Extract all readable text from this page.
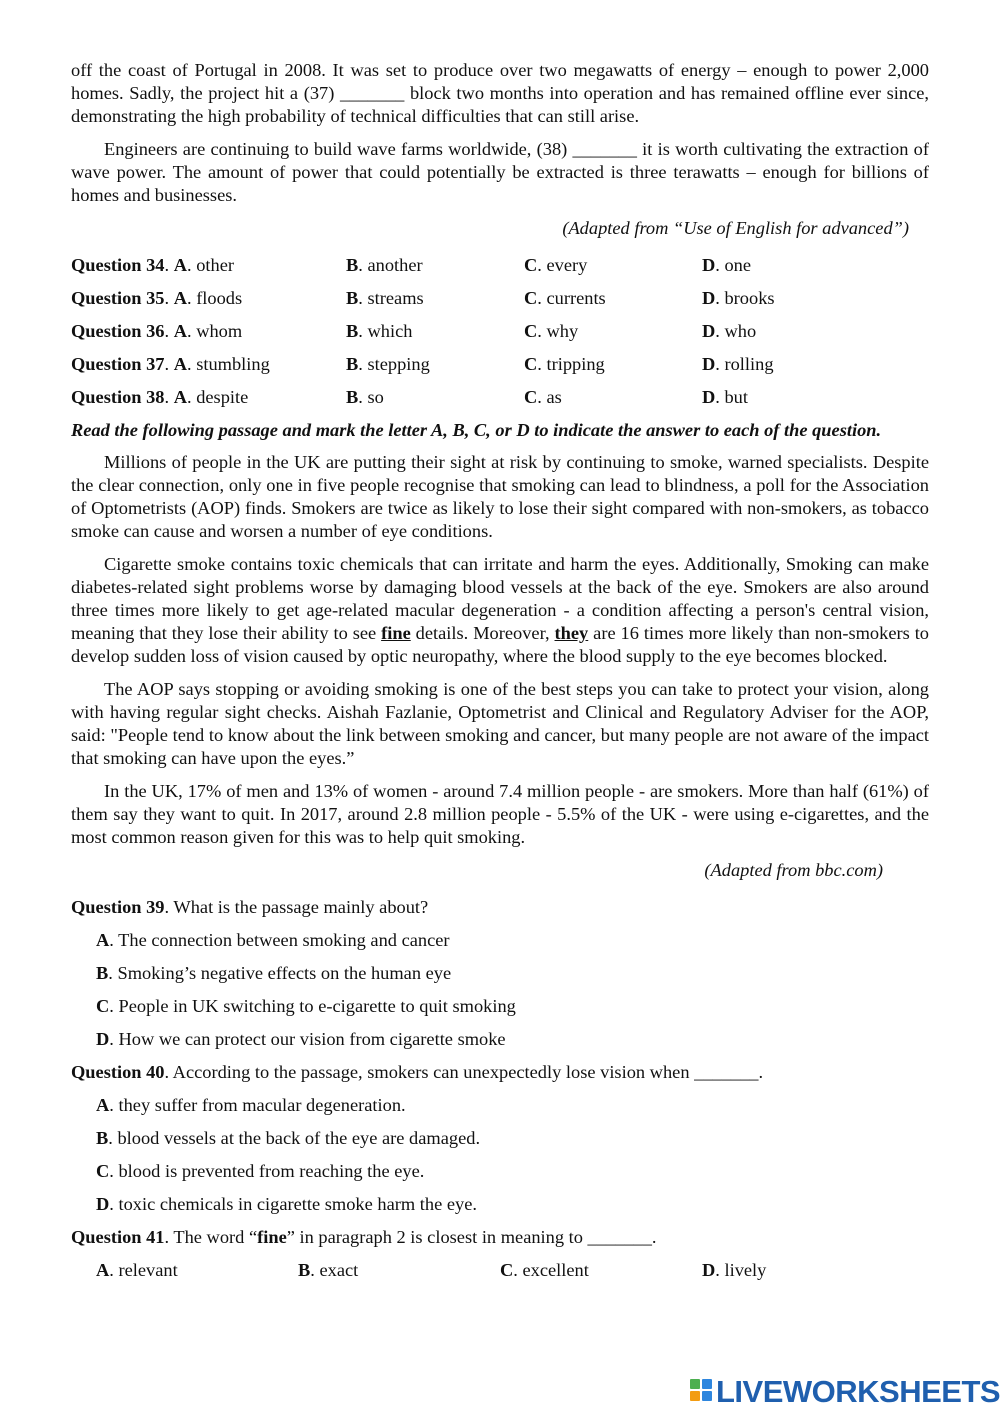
off the coast of Portugal in 2008. It was set to produce over two megawatts of energy – enough to power 2,000 homes. Sadly, the project hit a (37) _______ block two months into operation and has remained offline ever since, demonstrating the high probability of technical difficulties that can still arise.

Engineers are continuing to build wave farms worldwide, (38) _______ it is worth cultivating the extraction of wave power. The amount of power that could potentially be extracted is three terawatts – enough for billions of homes and businesses.

(Adapted from “Use of English for advanced”)
Question 34. A. other	B. another	C. every	D. one
Question 35. A. floods	B. streams	C. currents	D. brooks
Question 36. A. whom	B. which	C. why	D. who
Question 37. A. stumbling	B. stepping	C. tripping	D. rolling
Question 38. A. despite	B. so	C. as	D. but
Read the following passage and mark the letter A, B, C, or D to indicate the answer to each of the question.

Millions of people in the UK are putting their sight at risk by continuing to smoke, warned specialists. Despite the clear connection, only one in five people recognise that smoking can lead to blindness, a poll for the Association of Optometrists (AOP) finds. Smokers are twice as likely to lose their sight compared with non-smokers, as tobacco smoke can cause and worsen a number of eye conditions.

Cigarette smoke contains toxic chemicals that can irritate and harm the eyes. Additionally, Smoking can make diabetes-related sight problems worse by damaging blood vessels at the back of the eye. Smokers are also around three times more likely to get age-related macular degeneration - a condition affecting a person's central vision, meaning that they lose their ability to see fine details. Moreover, they are 16 times more likely than non-smokers to develop sudden loss of vision caused by optic neuropathy, where the blood supply to the eye becomes blocked.

The AOP says stopping or avoiding smoking is one of the best steps you can take to protect your vision, along with having regular sight checks. Aishah Fazlanie, Optometrist and Clinical and Regulatory Adviser for the AOP, said: "People tend to know about the link between smoking and cancer, but many people are not aware of the impact that smoking can have upon the eyes.”

In the UK, 17% of men and 13% of women - around 7.4 million people - are smokers. More than half (61%) of them say they want to quit. In 2017, around 2.8 million people - 5.5% of the UK - were using e-cigarettes, and the most common reason given for this was to help quit smoking.

(Adapted from bbc.com)
Question 39 . What is the passage mainly about?
A . The connection between smoking and cancer
B . Smoking’s negative effects on the human eye
C . People in UK switching to e-cigarette to quit smoking
D . How we can protect our vision from cigarette smoke
Question 40 . According to the passage, smokers can unexpectedly lose vision when _______.
A . they suffer from macular degeneration.
B . blood vessels at the back of the eye are damaged.
C . blood is prevented from reaching the eye.
D . toxic chemicals in cigarette smoke harm the eye.
Question 41 . The word “ fine ” in paragraph 2 is closest in meaning to _______.
A. relevant	B. exact	C. excellent	D. lively
LIVEWORKSHEETS
